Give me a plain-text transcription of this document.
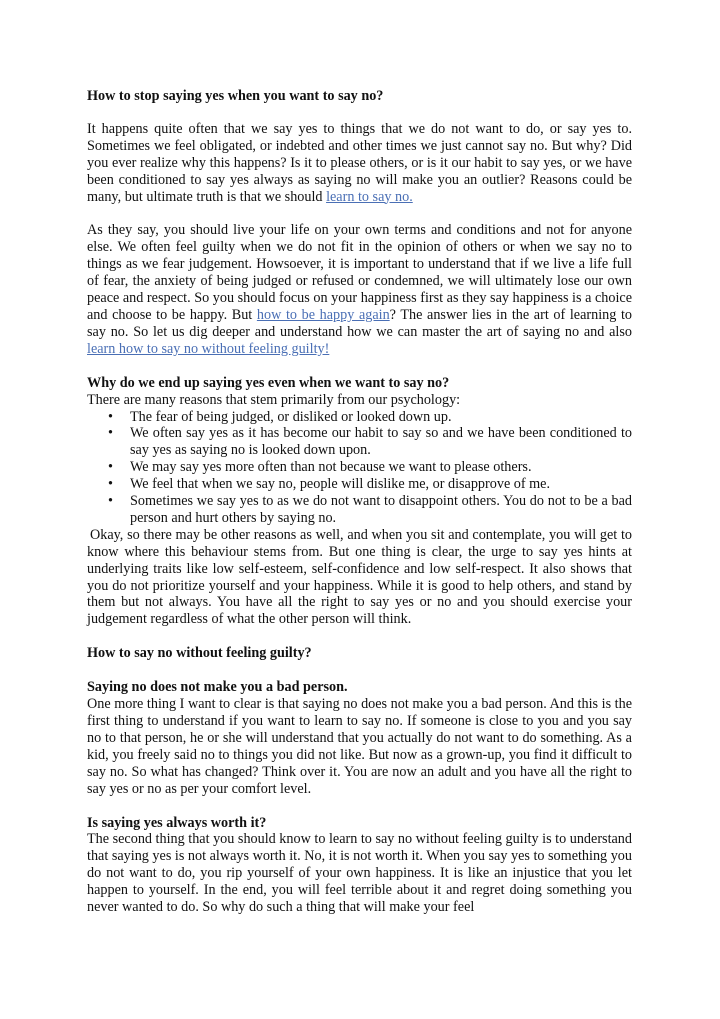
How to stop saying yes when you want to say no?

It happens quite often that we say yes to things that we do not want to do, or say yes to. Sometimes we feel obligated, or indebted and other times we just cannot say no. But why? Did you ever realize why this happens? Is it to please others, or is it our habit to say yes, or we have been conditioned to say yes always as saying no will make you an outlier? Reasons could be many, but ultimate truth is that we should learn to say no.

As they say, you should live your life on your own terms and conditions and not for anyone else. We often feel guilty when we do not fit in the opinion of others or when we say no to things as we fear judgement. Howsoever, it is important to understand that if we live a life full of fear, the anxiety of being judged or refused or condemned, we will ultimately lose our own peace and respect. So you should focus on your happiness first as they say happiness is a choice and choose to be happy. But how to be happy again? The answer lies in the art of learning to say no. So let us dig deeper and understand how we can master the art of saying no and also learn how to say no without feeling guilty!

Why do we end up saying yes even when we want to say no?

There are many reasons that stem primarily from our psychology:

• The fear of being judged, or disliked or looked down up.
• We often say yes as it has become our habit to say so and we have been conditioned to say yes as saying no is looked down upon.
• We may say yes more often than not because we want to please others.
• We feel that when we say no, people will dislike me, or disapprove of me.
• Sometimes we say yes to as we do not want to disappoint others. You do not to be a bad person and hurt others by saying no.

Okay, so there may be other reasons as well, and when you sit and contemplate, you will get to know where this behaviour stems from. But one thing is clear, the urge to say yes hints at underlying traits like low self-esteem, self-confidence and low self-respect. It also shows that you do not prioritize yourself and your happiness. While it is good to help others, and stand by them but not always. You have all the right to say yes or no and you should exercise your judgement regardless of what the other person will think.

How to say no without feeling guilty?
Saying no does not make you a bad person.

One more thing I want to clear is that saying no does not make you a bad person. And this is the first thing to understand if you want to learn to say no. If someone is close to you and you say no to that person, he or she will understand that you actually do not want to do something. As a kid, you freely said no to things you did not like. But now as a grown-up, you find it difficult to say no. So what has changed? Think over it. You are now an adult and you have all the right to say yes or no as per your comfort level.

Is saying yes always worth it?

The second thing that you should know to learn to say no without feeling guilty is to understand that saying yes is not always worth it. No, it is not worth it. When you say yes to something you do not want to do, you rip yourself of your own happiness. It is like an injustice that you let happen to yourself. In the end, you will feel terrible about it and regret doing something you never wanted to do. So why do such a thing that will make your feel
